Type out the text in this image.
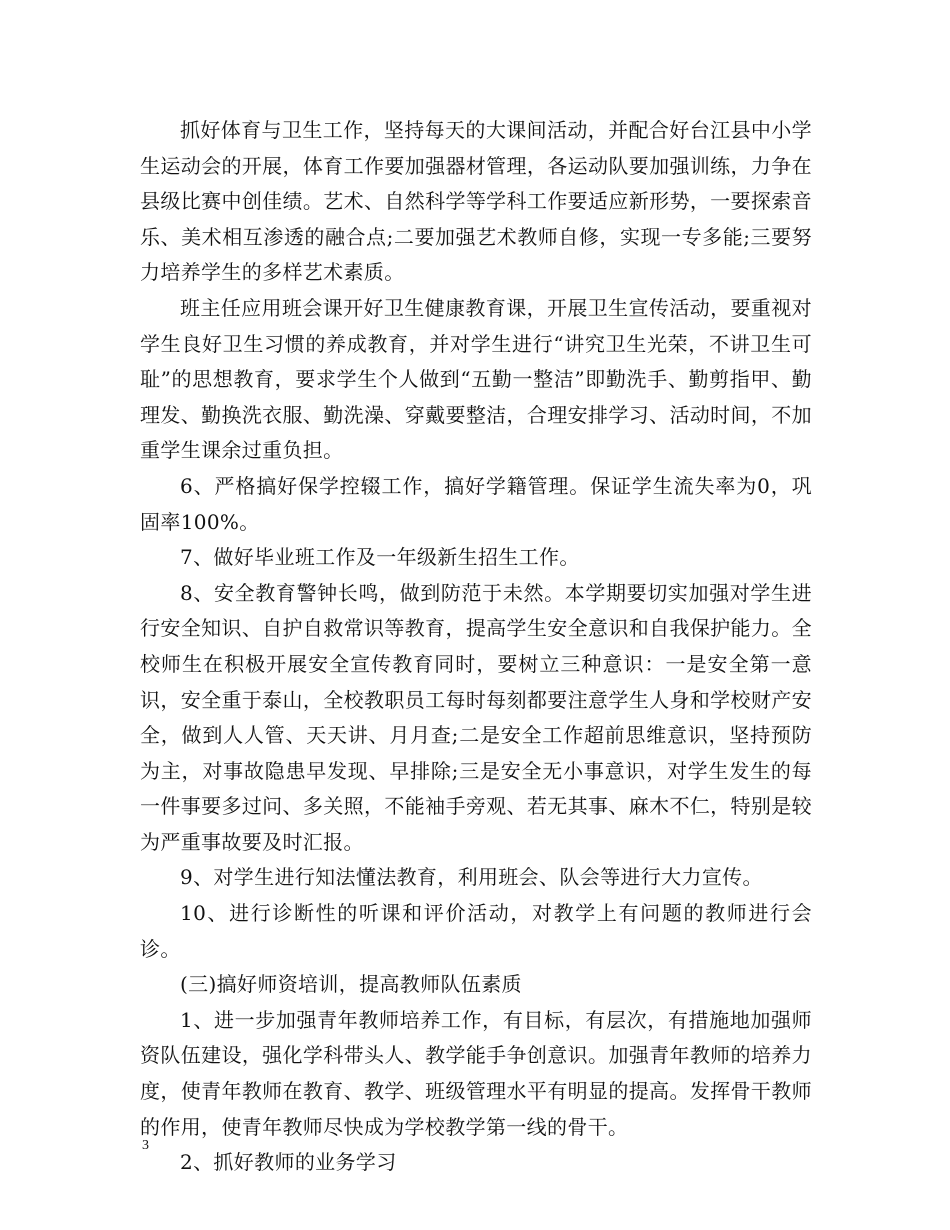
抓好体育与卫生工作，坚持每天的大课间活动，并配合好台江县中小学生运动会的开展，体育工作要加强器材管理，各运动队要加强训练，力争在县级比赛中创佳绩。艺术、自然科学等学科工作要适应新形势，一要探索音乐、美术相互渗透的融合点;二要加强艺术教师自修，实现一专多能;三要努力培养学生的多样艺术素质。

班主任应用班会课开好卫生健康教育课，开展卫生宣传活动，要重视对学生良好卫生习惯的养成教育，并对学生进行“讲究卫生光荣，不讲卫生可耻”的思想教育，要求学生个人做到“五勤一整洁”即勤洗手、勤剪指甲、勤理发、勤换洗衣服、勤洗澡、穿戴要整洁，合理安排学习、活动时间，不加重学生课余过重负担。

6、严格搞好保学控辍工作，搞好学籍管理。保证学生流失率为0，巩固率100%。

7、做好毕业班工作及一年级新生招生工作。

8、安全教育警钟长鸣，做到防范于未然。本学期要切实加强对学生进行安全知识、自护自救常识等教育，提高学生安全意识和自我保护能力。全校师生在积极开展安全宣传教育同时，要树立三种意识：一是安全第一意识，安全重于泰山，全校教职员工每时每刻都要注意学生人身和学校财产安全，做到人人管、天天讲、月月查;二是安全工作超前思维意识，坚持预防为主，对事故隐患早发现、早排除;三是安全无小事意识，对学生发生的每一件事要多过问、多关照，不能袖手旁观、若无其事、麻木不仁，特别是较为严重事故要及时汇报。

9、对学生进行知法懂法教育，利用班会、队会等进行大力宣传。

10、进行诊断性的听课和评价活动，对教学上有问题的教师进行会诊。

(三)搞好师资培训，提高教师队伍素质

1、进一步加强青年教师培养工作，有目标，有层次，有措施地加强师资队伍建设，强化学科带头人、教学能手争创意识。加强青年教师的培养力度，使青年教师在教育、教学、班级管理水平有明显的提高。发挥骨干教师的作用，使青年教师尽快成为学校教学第一线的骨干。

2、抓好教师的业务学习

3
